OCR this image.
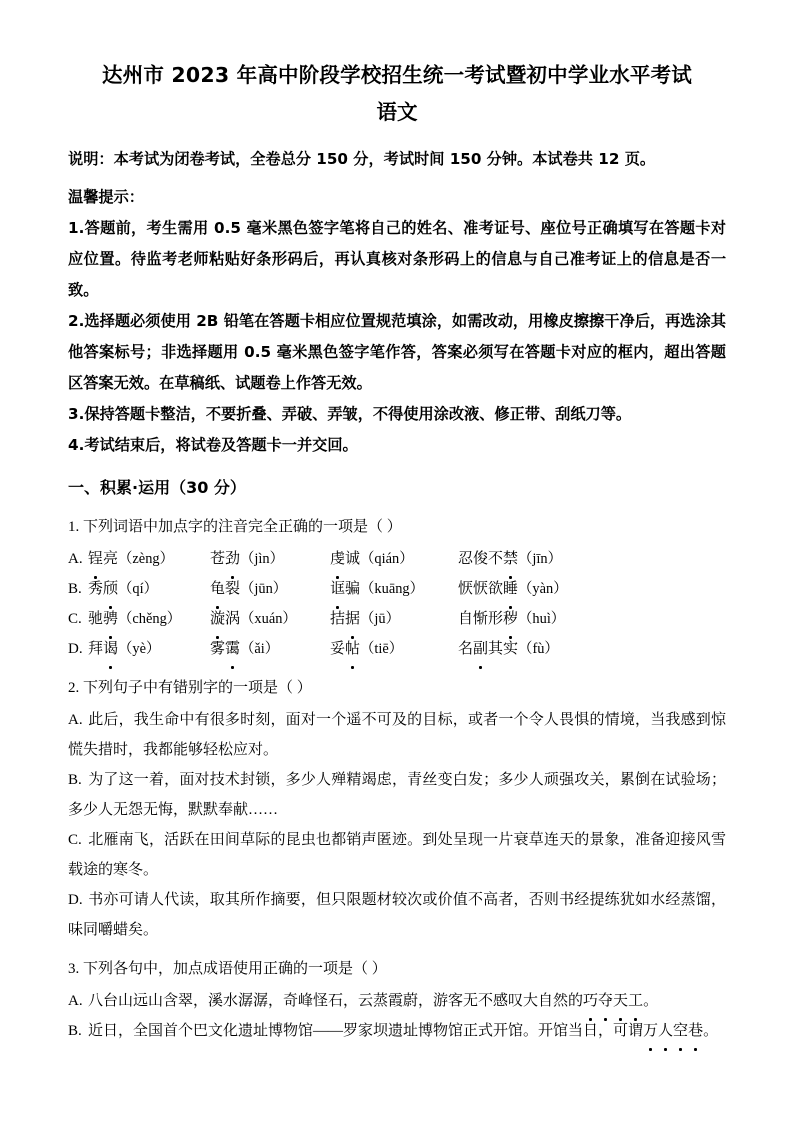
达州市 2023 年高中阶段学校招生统一考试暨初中学业水平考试
语文
说明：本考试为闭卷考试，全卷总分 150 分，考试时间 150 分钟。本试卷共 12 页。
温馨提示：
1.答题前，考生需用 0.5 毫米黑色签字笔将自己的姓名、准考证号、座位号正确填写在答题卡对应位置。待监考老师粘贴好条形码后，再认真核对条形码上的信息与自己准考证上的信息是否一致。
2.选择题必须使用 2B 铅笔在答题卡相应位置规范填涂，如需改动，用橡皮擦擦干净后，再选涂其他答案标号；非选择题用 0.5 毫米黑色签字笔作答，答案必须写在答题卡对应的框内，超出答题区答案无效。在草稿纸、试题卷上作答无效。
3.保持答题卡整洁，不要折叠、弄破、弄皱，不得使用涂改液、修正带、刮纸刀等。
4.考试结束后，将试卷及答题卡一并交回。
一、积累·运用（30 分）
1. 下列词语中加点字的注音完全正确的一项是（ ）
A. 锃亮（zèng） 苍劲（jìn）	虔诚（qián）	忍俊不禁（jīn）
B. 秀颀（qí）	龟裂（jūn）	诓骗（kuāng） 恹恹欲睡（yàn）
C. 驰骋（chěng） 漩涡（xuán） 拮据（jū）	自惭形秽（huì）
D. 拜谒（yè）	雾霭（ǎi）	妥帖（tiē）	名副其实（fù）
2. 下列句子中有错别字的一项是（ ）
A. 此后，我生命中有很多时刻，面对一个遥不可及的目标，或者一个令人畏惧的情境，当我感到惊慌失措时，我都能够轻松应对。
B. 为了这一着，面对技术封锁，多少人殚精竭虑，青丝变白发；多少人顽强攻关，累倒在试验场；多少人无怨无悔，默默奉献……
C. 北雁南飞，活跃在田间草际的昆虫也都销声匿迹。到处呈现一片衰草连天的景象，准备迎接风雪载途的寒冬。
D. 书亦可请人代读，取其所作摘要，但只限题材较次或价值不高者，否则书经提练犹如水经蒸馏，味同嚼蜡矣。
3. 下列各句中，加点成语使用正确的一项是（ ）
A. 八台山远山含翠，溪水潺潺，奇峰怪石，云蒸霞蔚，游客无不感叹大自然的巧夺天工。
B. 近日，全国首个巴文化遗址博物馆——罗家坝遗址博物馆正式开馆。开馆当日，可谓万人空巷。
